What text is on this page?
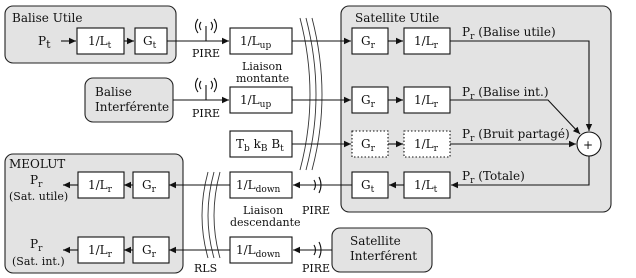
Balise Utile	Satellite Utile
MEOLUT
Balise
Interférente
Satellite
Interférent
Pt	$1/L_t$	$G_t$
PIRE
$1/L_{up}$
Liaison
montante
$G_r$	$1/L_r$
$P_r$ (Balise utile)
PIRE
$1/L_{up}$	$G_r$	$1/L_r$
$P_r$ (Balise int.)
$T_b$ $k_B$ $B_t$	$G_r$	$1/L_r$
$P_r$ (Bruit partagé)
+
$P_r$ (Totale)
$1/L_t$
$G_t$
PIRE
$1/L_{down}$
Liaison
descendante
RLS	PIRE
$1/L_{down}$
$G_r$
$1/L_r$
$P_r$
(Sat. utile)
$G_r$
$1/L_r$
$P_r$
(Sat. int.)
